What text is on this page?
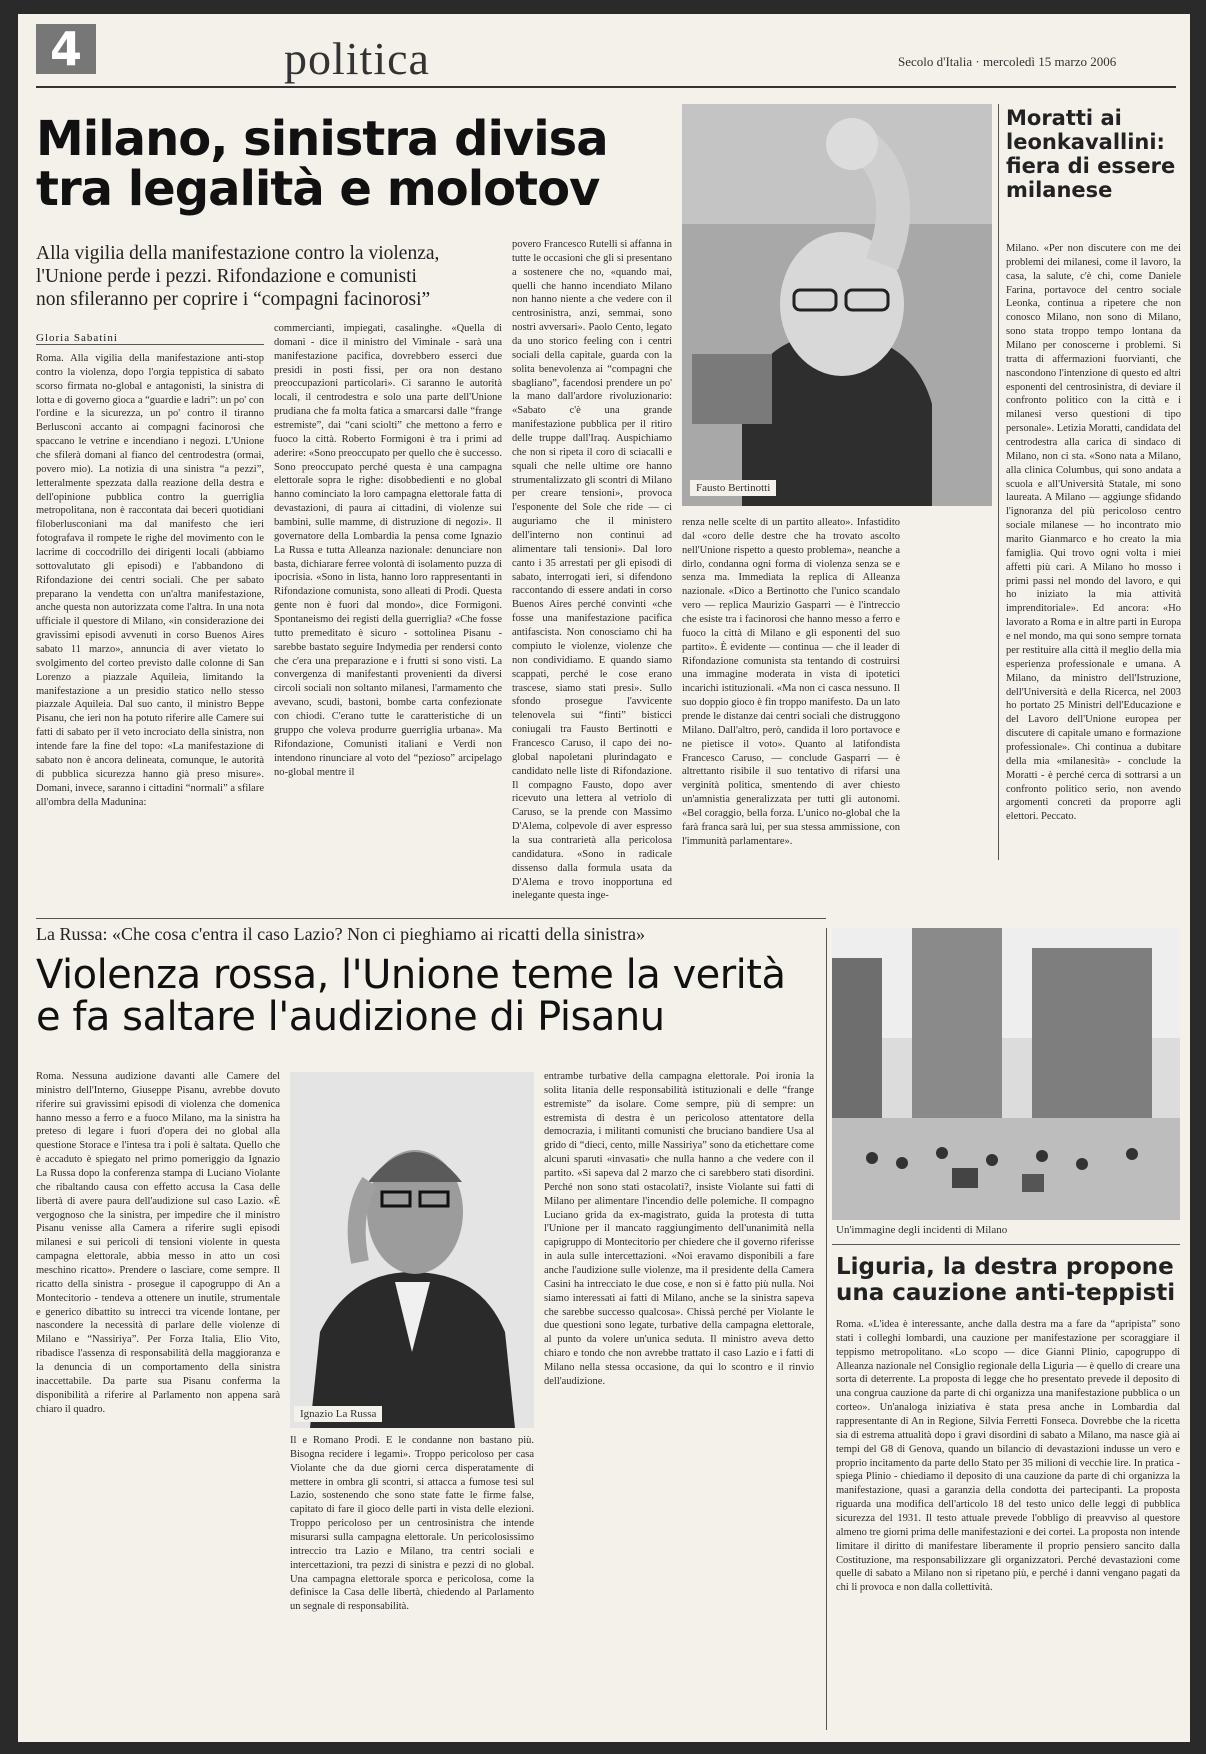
4	politica	Secolo d'Italia · mercoledì 15 marzo 2006
Milano, sinistra divisa
tra legalità e molotov
Alla vigilia della manifestazione contro la violenza,
l'Unione perde i pezzi. Rifondazione e comunisti
non sfileranno per coprire i “compagni facinorosi”
Gloria Sabatini

Roma. Alla vigilia della manifestazione anti-stop contro la violenza, dopo l'orgia teppistica di sabato scorso firmata no-global e antagonisti, la sinistra di lotta e di governo gioca a “guardie e ladri”: un po' con l'ordine e la sicurezza, un po' contro il tiranno Berlusconi accanto ai compagni facinorosi che spaccano le vetrine e incendiano i negozi. L'Unione che sfilerà domani al fianco del centrodestra (ormai, povero mio). La notizia di una sinistra “a pezzi”, letteralmente spezzata dalla reazione della destra e dell'opinione pubblica contro la guerriglia metropolitana, non è raccontata dai beceri quotidiani filoberlusconiani ma dal manifesto che ieri fotografava il rompete le righe del movimento con le lacrime di coccodrillo dei dirigenti locali (abbiamo sottovalutato gli episodi) e l'abbandono di Rifondazione dei centri sociali. Che per sabato preparano la vendetta con un'altra manifestazione, anche questa non autorizzata come l'altra. In una nota ufficiale il questore di Milano, «in considerazione dei gravissimi episodi avvenuti in corso Buenos Aires sabato 11 marzo», annuncia di aver vietato lo svolgimento del corteo previsto dalle colonne di San Lorenzo a piazzale Aquileia, limitando la manifestazione a un presidio statico nello stesso piazzale Aquileia. Dal suo canto, il ministro Beppe Pisanu, che ieri non ha potuto riferire alle Camere sui fatti di sabato per il veto incrociato della sinistra, non intende fare la fine del topo: «La manifestazione di sabato non è ancora delineata, comunque, le autorità di pubblica sicurezza hanno già preso misure». Domani, invece, saranno i cittadini “normali” a sfilare all'ombra della Madunina:

commercianti, impiegati, casalinghe. «Quella di domani - dice il ministro del Viminale - sarà una manifestazione pacifica, dovrebbero esserci due presidi in posti fissi, per ora non destano preoccupazioni particolari». Ci saranno le autorità locali, il centrodestra e solo una parte dell'Unione prudiana che fa molta fatica a smarcarsi dalle “frange estremiste”, dai “cani sciolti” che mettono a ferro e fuoco la città. Roberto Formigoni è tra i primi ad aderire: «Sono preoccupato per quello che è successo. Sono preoccupato perché questa è una campagna elettorale sopra le righe: disobbedienti e no global hanno cominciato la loro campagna elettorale fatta di devastazioni, di paura ai cittadini, di violenze sui bambini, sulle mamme, di distruzione di negozi». Il governatore della Lombardia la pensa come Ignazio La Russa e tutta Alleanza nazionale: denunciare non basta, dichiarare ferree volontà di isolamento puzza di ipocrisia. «Sono in lista, hanno loro rappresentanti in Rifondazione comunista, sono alleati di Prodi. Questa gente non è fuori dal mondo», dice Formigoni. Spontaneismo dei registi della guerriglia? «Che fosse tutto premeditato è sicuro - sottolinea Pisanu - sarebbe bastato seguire Indymedia per rendersi conto che c'era una preparazione e i frutti si sono visti. La convergenza di manifestanti provenienti da diversi circoli sociali non soltanto milanesi, l'armamento che avevano, scudi, bastoni, bombe carta confezionate con chiodi. C'erano tutte le caratteristiche di un gruppo che voleva produrre guerriglia urbana». Ma Rifondazione, Comunisti italiani e Verdi non intendono rinunciare al voto del “pezioso” arcipelago no-global mentre il

povero Francesco Rutelli si affanna in tutte le occasioni che gli si presentano a sostenere che no, «quando mai, quelli che hanno incendiato Milano non hanno niente a che vedere con il centrosinistra, anzi, semmai, sono nostri avversari». Paolo Cento, legato da uno storico feeling con i centri sociali della capitale, guarda con la solita benevolenza ai “compagni che sbagliano”, facendosi prendere un po' la mano dall'ardore rivoluzionario: «Sabato c'è una grande manifestazione pubblica per il ritiro delle truppe dall'Iraq. Auspichiamo che non si ripeta il coro di sciacalli e squali che nelle ultime ore hanno strumentalizzato gli scontri di Milano per creare tensioni», provoca l'esponente del Sole che ride — ci auguriamo che il ministero dell'interno non continui ad alimentare tali tensioni». Dal loro canto i 35 arrestati per gli episodi di sabato, interrogati ieri, si difendono raccontando di essere andati in corso Buenos Aires perché convinti «che fosse una manifestazione pacifica antifascista. Non conosciamo chi ha compiuto le violenze, violenze che non condividiamo. E quando siamo scappati, perché le cose erano trascese, siamo stati presi». Sullo sfondo prosegue l'avvicente telenovela sui “finti” bisticci coniugali tra Fausto Bertinotti e Francesco Caruso, il capo dei no-global napoletani plurindagato e candidato nelle liste di Rifondazione. Il compagno Fausto, dopo aver ricevuto una lettera al vetriolo di Caruso, se la prende con Massimo D'Alema, colpevole di aver espresso la sua contrarietà alla pericolosa candidatura. «Sono in radicale dissenso dalla formula usata da D'Alema e trovo inopportuna ed inelegante questa inge-

renza nelle scelte di un partito alleato». Infastidito dal «coro delle destre che ha trovato ascolto nell'Unione rispetto a questo problema», neanche a dirlo, condanna ogni forma di violenza senza se e senza ma. Immediata la replica di Alleanza nazionale. «Dico a Bertinotto che l'unico scandalo vero — replica Maurizio Gasparri — è l'intreccio che esiste tra i facinorosi che hanno messo a ferro e fuoco la città di Milano e gli esponenti del suo partito». È evidente — continua — che il leader di Rifondazione comunista sta tentando di costruirsi una immagine moderata in vista di ipotetici incarichi istituzionali. «Ma non ci casca nessuno. Il suo doppio gioco è fin troppo manifesto. Da un lato prende le distanze dai centri sociali che distruggono Milano. Dall'altro, però, candida il loro portavoce e ne pietisce il voto». Quanto al latifondista Francesco Caruso, — conclude Gasparri — è altrettanto risibile il suo tentativo di rifarsi una verginità politica, smentendo di aver chiesto un'amnistia generalizzata per tutti gli autonomi. «Bel coraggio, bella forza. L'unico no-global che la farà franca sarà lui, per sua stessa ammissione, con l'immunità parlamentare».

Fausto Bertinotti
Moratti ai
leonkavallini:
fiera di essere
milanese

Milano. «Per non discutere con me dei problemi dei milanesi, come il lavoro, la casa, la salute, c'è chi, come Daniele Farina, portavoce del centro sociale Leonka, continua a ripetere che non conosco Milano, non sono di Milano, sono stata troppo tempo lontana da Milano per conoscerne i problemi. Si tratta di affermazioni fuorvianti, che nascondono l'intenzione di questo ed altri esponenti del centrosinistra, di deviare il confronto politico con la città e i milanesi verso questioni di tipo personale». Letizia Moratti, candidata del centrodestra alla carica di sindaco di Milano, non ci sta. «Sono nata a Milano, alla clinica Columbus, qui sono andata a scuola e all'Università Statale, mi sono laureata. A Milano — aggiunge sfidando l'ignoranza del più pericoloso centro sociale milanese — ho incontrato mio marito Gianmarco e ho creato la mia famiglia. Qui trovo ogni volta i miei affetti più cari. A Milano ho mosso i primi passi nel mondo del lavoro, e qui ho iniziato la mia attività imprenditoriale». Ed ancora: «Ho lavorato a Roma e in altre parti in Europa e nel mondo, ma qui sono sempre tornata per restituire alla città il meglio della mia esperienza professionale e umana. A Milano, da ministro dell'Istruzione, dell'Università e della Ricerca, nel 2003 ho portato 25 Ministri dell'Educazione e del Lavoro dell'Unione europea per discutere di capitale umano e formazione professionale». Chi continua a dubitare della mia «milanesità» - conclude la Moratti - è perché cerca di sottrarsi a un confronto politico serio, non avendo argomenti concreti da proporre agli elettori. Peccato.

La Russa: «Che cosa c'entra il caso Lazio? Non ci pieghiamo ai ricatti della sinistra»
Violenza rossa, l'Unione teme la verità
e fa saltare l'audizione di Pisanu

Roma. Nessuna audizione davanti alle Camere del ministro dell'Interno, Giuseppe Pisanu, avrebbe dovuto riferire sui gravissimi episodi di violenza che domenica hanno messo a ferro e a fuoco Milano, ma la sinistra ha preteso di legare i fuori d'opera dei no global alla questione Storace e l'intesa tra i poli è saltata. Quello che è accaduto è spiegato nel primo pomeriggio da Ignazio La Russa dopo la conferenza stampa di Luciano Violante che ribaltando causa con effetto accusa la Casa delle libertà di avere paura dell'audizione sul caso Lazio. «È vergognoso che la sinistra, per impedire che il ministro Pisanu venisse alla Camera a riferire sugli episodi milanesi e sui pericoli di tensioni violente in questa campagna elettorale, abbia messo in atto un così meschino ricatto». Prendere o lasciare, come sempre. Il ricatto della sinistra - prosegue il capogruppo di An a Montecitorio - tendeva a ottenere un inutile, strumentale e generico dibattito su intrecci tra vicende lontane, per nascondere la necessità di parlare delle violenze di Milano e “Nassiriya”. Per Forza Italia, Elio Vito, ribadisce l'assenza di responsabilità della maggioranza e la denuncia di un comportamento della sinistra inaccettabile. Da parte sua Pisanu conferma la disponibilità a riferire al Parlamento non appena sarà chiaro il quadro.

Il e Romano Prodi. E le condanne non bastano più. Bisogna recidere i legami». Troppo pericoloso per casa Violante che da due giorni cerca disperatamente di mettere in ombra gli scontri, si attacca a fumose tesi sul Lazio, sostenendo che sono state fatte le firme false, capitato di fare il gioco delle parti in vista delle elezioni. Troppo pericoloso per un centrosinistra che intende misurarsi sulla campagna elettorale. Un pericolosissimo intreccio tra Lazio e Milano, tra centri sociali e intercettazioni, tra pezzi di sinistra e pezzi di no global. Una campagna elettorale sporca e pericolosa, come la definisce la Casa delle libertà, chiedendo al Parlamento un segnale di responsabilità.

entrambe turbative della campagna elettorale. Poi ironia la solita litania delle responsabilità istituzionali e delle “frange estremiste” da isolare. Come sempre, più di sempre: un estremista di destra è un pericoloso attentatore della democrazia, i militanti comunisti che bruciano bandiere Usa al grido di “dieci, cento, mille Nassiriya” sono da etichettare come alcuni sparuti «invasati» che nulla hanno a che vedere con il partito. «Si sapeva dal 2 marzo che ci sarebbero stati disordini. Perché non sono stati ostacolati?, insiste Violante sui fatti di Milano per alimentare l'incendio delle polemiche. Il compagno Luciano grida da ex-magistrato, guida la protesta di tutta l'Unione per il mancato raggiungimento dell'unanimità nella capigruppo di Montecitorio per chiedere che il governo riferisse in aula sulle intercettazioni. «Noi eravamo disponibili a fare anche l'audizione sulle violenze, ma il presidente della Camera Casini ha intrecciato le due cose, e non si è fatto più nulla. Noi siamo interessati ai fatti di Milano, anche se la sinistra sapeva che sarebbe successo qualcosa». Chissà perché per Violante le due questioni sono legate, turbative della campagna elettorale, al punto da volere un'unica seduta. Il ministro aveva detto chiaro e tondo che non avrebbe trattato il caso Lazio e i fatti di Milano nella stessa occasione, da qui lo scontro e il rinvio dell'audizione.

Ignazio La Russa
Un'immagine degli incidenti di Milano
Liguria, la destra propone
una cauzione anti-teppisti

Roma. «L'idea è interessante, anche dalla destra ma a fare da “apripista” sono stati i colleghi lombardi, una cauzione per manifestazione per scoraggiare il teppismo metropolitano. «Lo scopo — dice Gianni Plinio, capogruppo di Alleanza nazionale nel Consiglio regionale della Liguria — è quello di creare una sorta di deterrente. La proposta di legge che ho presentato prevede il deposito di una congrua cauzione da parte di chi organizza una manifestazione pubblica o un corteo». Un'analoga iniziativa è stata presa anche in Lombardia dal rappresentante di An in Regione, Silvia Ferretti Fonseca. Dovrebbe che la ricetta sia di estrema attualità dopo i gravi disordini di sabato a Milano, ma nasce già ai tempi del G8 di Genova, quando un bilancio di devastazioni indusse un vero e proprio incitamento da parte dello Stato per 35 milioni di vecchie lire. In pratica - spiega Plinio - chiediamo il deposito di una cauzione da parte di chi organizza la manifestazione, quasi a garanzia della condotta dei partecipanti. La proposta riguarda una modifica dell'articolo 18 del testo unico delle leggi di pubblica sicurezza del 1931. Il testo attuale prevede l'obbligo di preavviso al questore almeno tre giorni prima delle manifestazioni e dei cortei. La proposta non intende limitare il diritto di manifestare liberamente il proprio pensiero sancito dalla Costituzione, ma responsabilizzare gli organizzatori. Perché devastazioni come quelle di sabato a Milano non si ripetano più, e perché i danni vengano pagati da chi li provoca e non dalla collettività.
